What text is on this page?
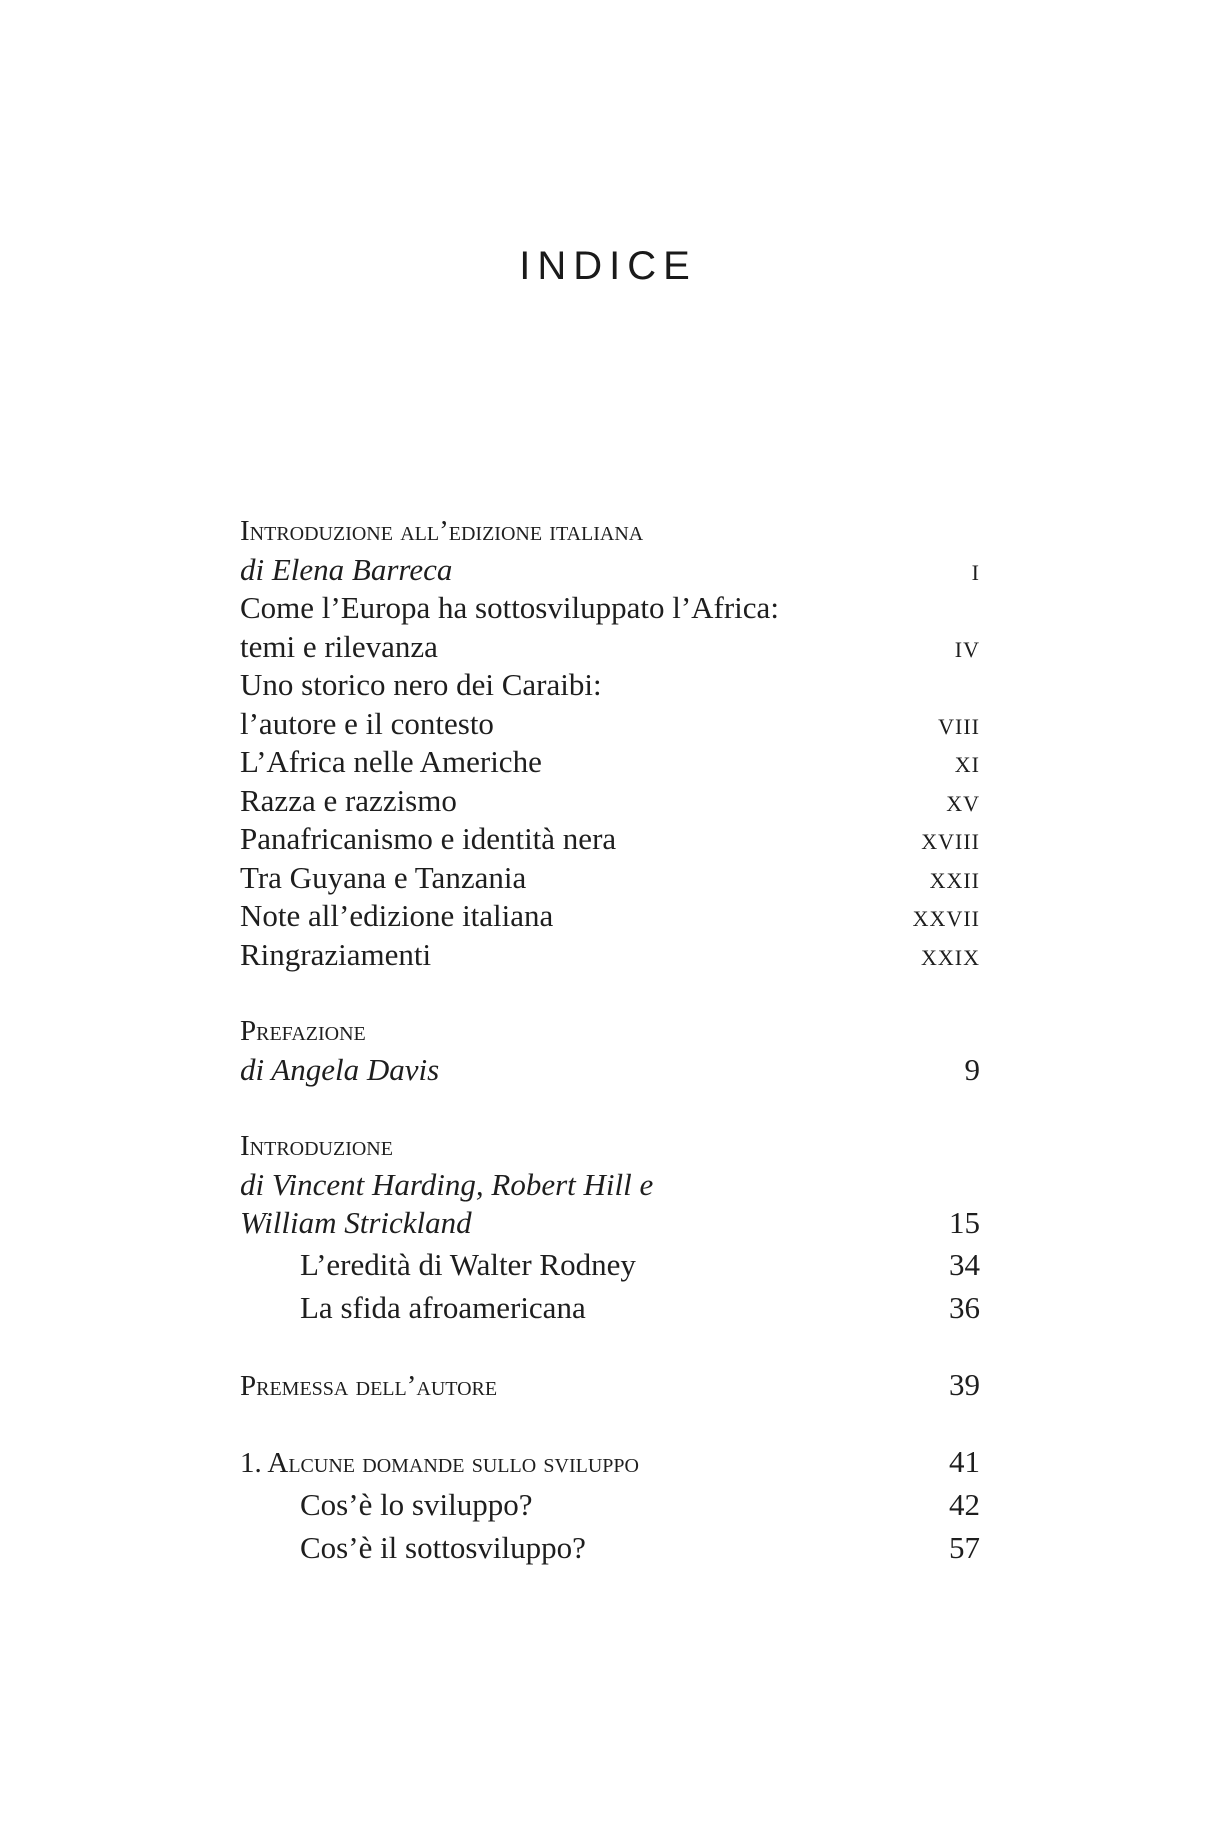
INDICE
Introduzione all’edizione italiana
di Elena Barreca	I
Come l’Europa ha sottosviluppato l’Africa:
temi e rilevanza	IV
Uno storico nero dei Caraibi:
l’autore e il contesto	VIII
L’Africa nelle Americhe	XI
Razza e razzismo	XV
Panafricanismo e identità nera	XVIII
Tra Guyana e Tanzania	XXII
Note all’edizione italiana	XXVII
Ringraziamenti	XXIX
Prefazione
di Angela Davis	9
Introduzione
di Vincent Harding, Robert Hill e
William Strickland	15
L’eredità di Walter Rodney	34
La sfida afroamericana	36
Premessa dell’autore	39
1. Alcune domande sullo sviluppo	41
Cos’è lo sviluppo?	42
Cos’è il sottosviluppo?	57
